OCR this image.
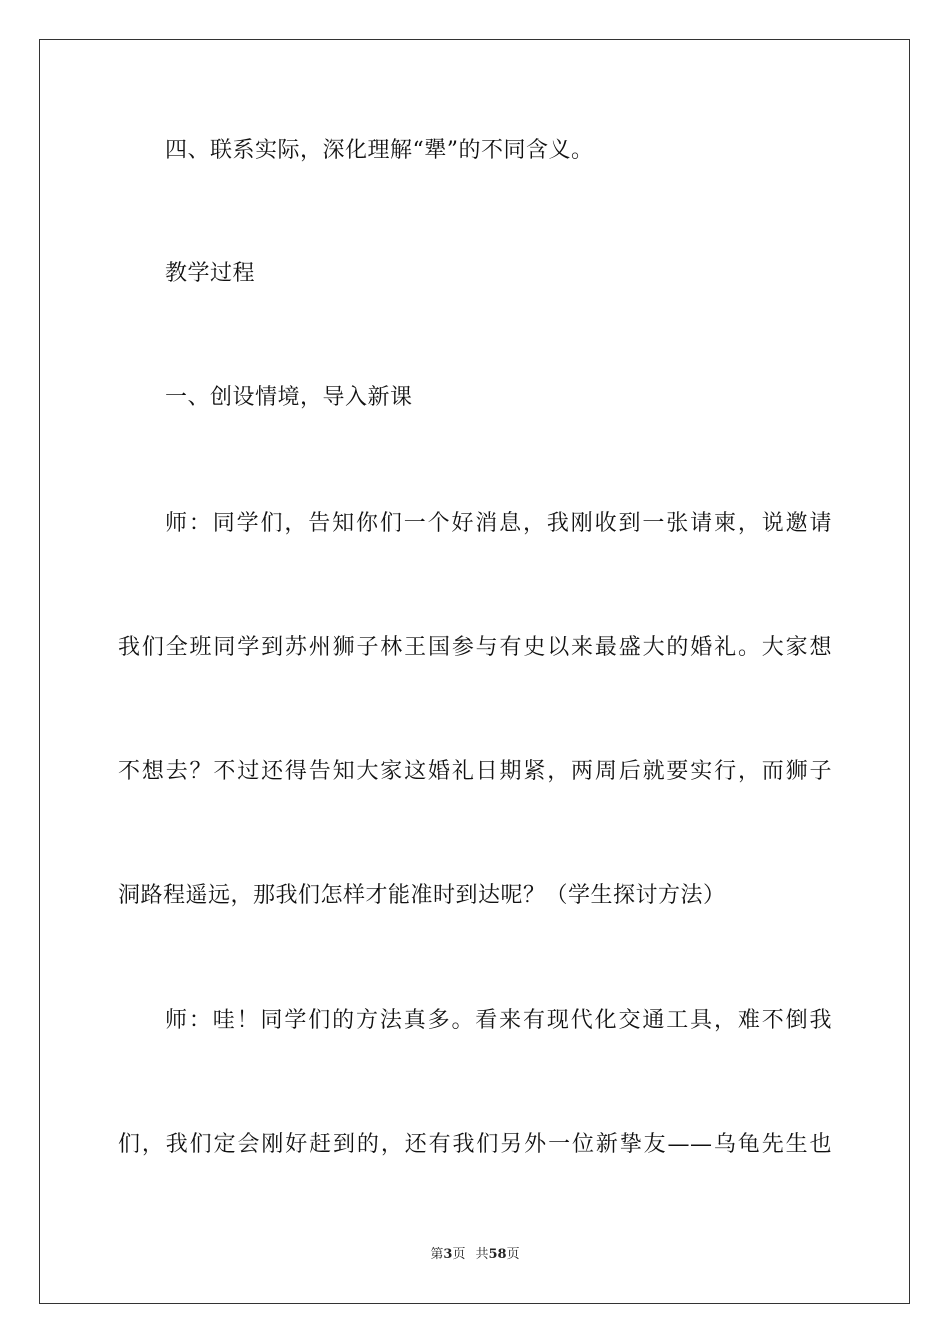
四、联系实际，深化理解“犟”的不同含义。
教学过程
一、创设情境，导入新课
师：同学们，告知你们一个好消息，我刚收到一张请柬，说邀请
我们全班同学到苏州狮子林王国参与有史以来最盛大的婚礼。大家想
不想去？不过还得告知大家这婚礼日期紧，两周后就要实行，而狮子
洞路程遥远，那我们怎样才能准时到达呢？（学生探讨方法）
师：哇！同学们的方法真多。看来有现代化交通工具，难不倒我
们，我们定会刚好赶到的，还有我们另外一位新挚友——乌龟先生也
第3页 共58页
